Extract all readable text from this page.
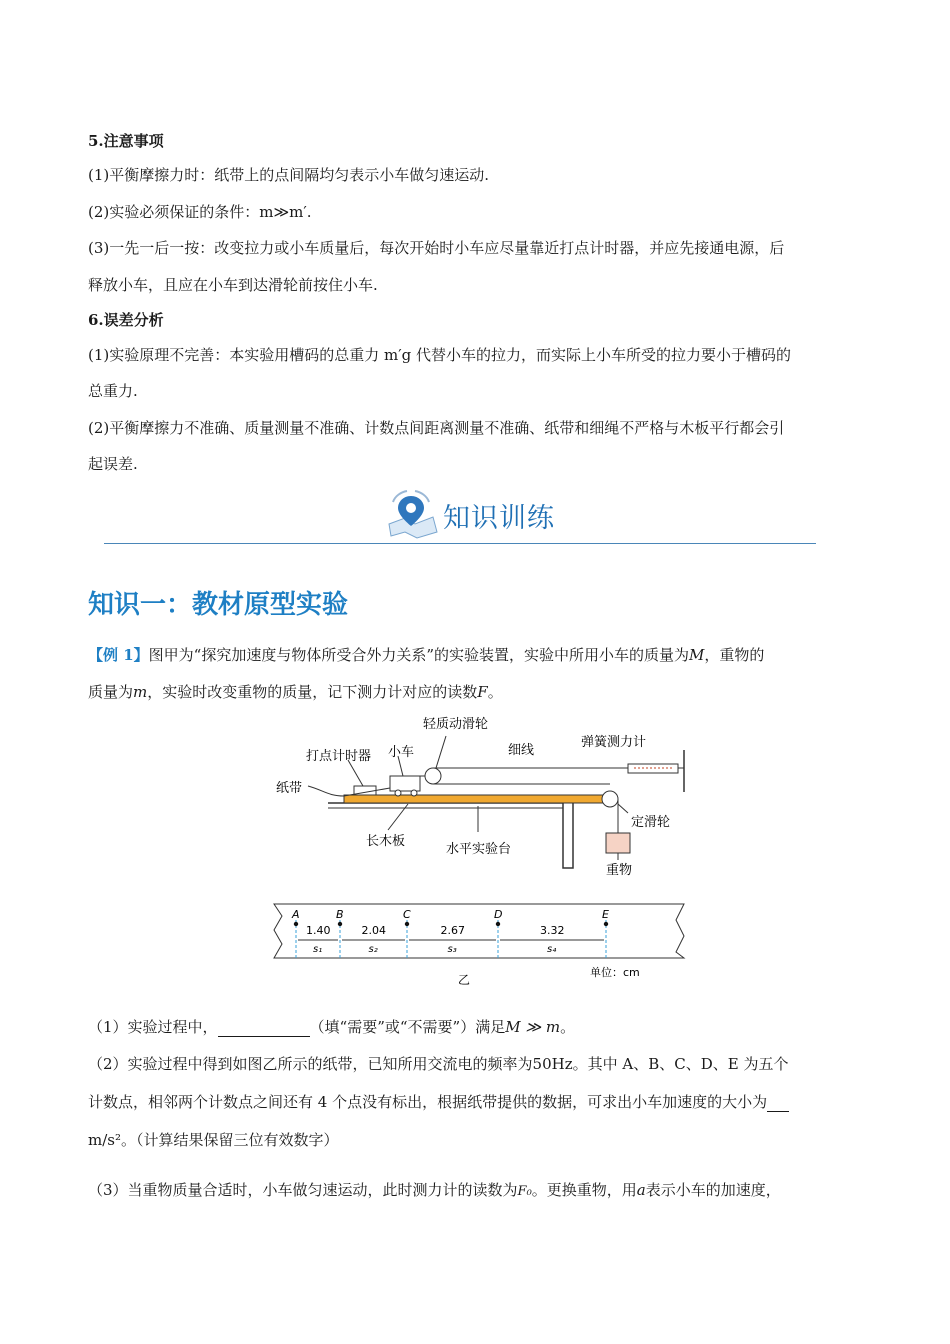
5.注意事项
(1)平衡摩擦力时：纸带上的点间隔均匀表示小车做匀速运动.
(2)实验必须保证的条件：m≫m′.
(3)一先一后一按：改变拉力或小车质量后，每次开始时小车应尽量靠近打点计时器，并应先接通电源，后
释放小车，且应在小车到达滑轮前按住小车.
6.误差分析
(1)实验原理不完善：本实验用槽码的总重力 m′g 代替小车的拉力，而实际上小车所受的拉力要小于槽码的
总重力.
(2)平衡摩擦力不准确、质量测量不准确、计数点间距离测量不准确、纸带和细绳不严格与木板平行都会引
起误差.
知识训练
知识一：教材原型实验
【例 1】图甲为“探究加速度与物体所受合外力关系”的实验装置，实验中所用小车的质量为M，重物的
质量为m，实验时改变重物的质量，记下测力计对应的读数F。
轻质动滑轮
打点计时器 小车	细线
弹簧测力计
纸带
定滑轮
长木板
水平实验台
重物
A	B	C	D	E
1.40
s₁
2.04
s₂
2.67
s₃
3.32
s₄
单位：cm
乙
（1）实验过程中，	（填“需要”或“不需要”）满足M ≫ m。
（2）实验过程中得到如图乙所示的纸带，已知所用交流电的频率为50Hz。其中 A、B、C、D、E 为五个
计数点，相邻两个计数点之间还有 4 个点没有标出，根据纸带提供的数据，可求出小车加速度的大小为
m/s²。（计算结果保留三位有效数字）
（3）当重物质量合适时，小车做匀速运动，此时测力计的读数为F₀。更换重物，用a表示小车的加速度，
